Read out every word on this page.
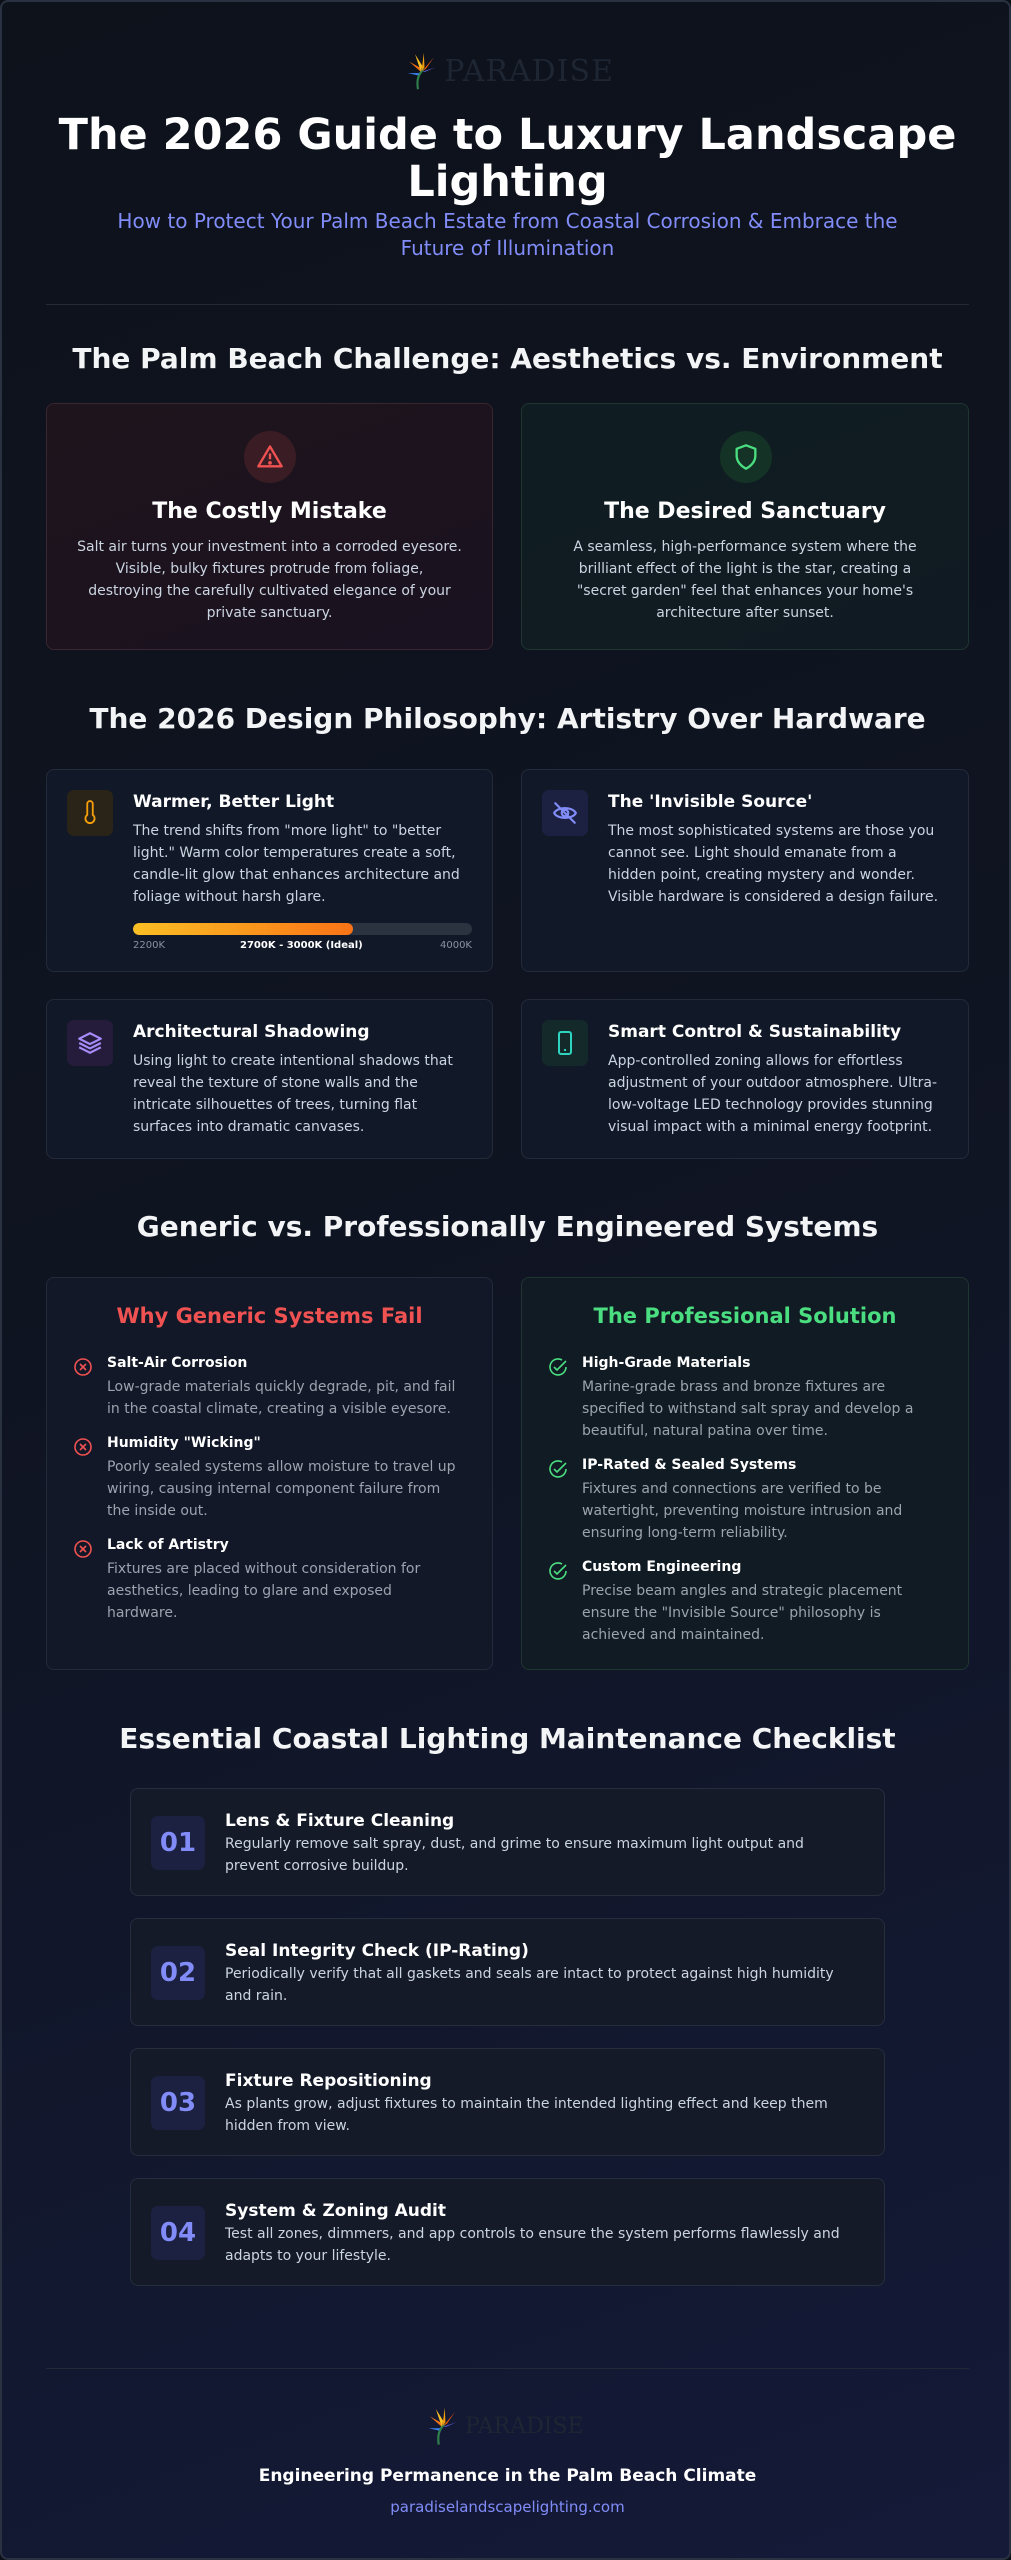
PARADISE
The 2026 Guide to Luxury Landscape Lighting

How to Protect Your Palm Beach Estate from Coastal Corrosion & Embrace the Future of Illumination

The Palm Beach Challenge: Aesthetics vs. Environment
The Costly Mistake
Salt air turns your investment into a corroded eyesore. Visible, bulky fixtures protrude from foliage, destroying the carefully cultivated elegance of your private sanctuary.
The Desired Sanctuary
A seamless, high-performance system where the brilliant effect of the light is the star, creating a "secret garden" feel that enhances your home's architecture after sunset.
The 2026 Design Philosophy: Artistry Over Hardware
Warmer, Better Light
The trend shifts from "more light" to "better light." Warm color temperatures create a soft, candle-lit glow that enhances architecture and foliage without harsh glare.
2200K	2700K - 3000K (Ideal)	4000K
The 'Invisible Source'
The most sophisticated systems are those you cannot see. Light should emanate from a hidden point, creating mystery and wonder. Visible hardware is considered a design failure.
Architectural Shadowing
Using light to create intentional shadows that reveal the texture of stone walls and the intricate silhouettes of trees, turning flat surfaces into dramatic canvases.
Smart Control & Sustainability
App-controlled zoning allows for effortless adjustment of your outdoor atmosphere. Ultra-low-voltage LED technology provides stunning visual impact with a minimal energy footprint.
Generic vs. Professionally Engineered Systems
Why Generic Systems Fail
Salt-Air Corrosion
Low-grade materials quickly degrade, pit, and fail in the coastal climate, creating a visible eyesore.
Humidity "Wicking"
Poorly sealed systems allow moisture to travel up wiring, causing internal component failure from the inside out.
Lack of Artistry
Fixtures are placed without consideration for aesthetics, leading to glare and exposed hardware.
The Professional Solution
High-Grade Materials
Marine-grade brass and bronze fixtures are specified to withstand salt spray and develop a beautiful, natural patina over time.
IP-Rated & Sealed Systems
Fixtures and connections are verified to be watertight, preventing moisture intrusion and ensuring long-term reliability.
Custom Engineering
Precise beam angles and strategic placement ensure the "Invisible Source" philosophy is achieved and maintained.
Essential Coastal Lighting Maintenance Checklist
01
Lens & Fixture Cleaning
Regularly remove salt spray, dust, and grime to ensure maximum light output and prevent corrosive buildup.
02
Seal Integrity Check (IP-Rating)
Periodically verify that all gaskets and seals are intact to protect against high humidity and rain.
03
Fixture Repositioning
As plants grow, adjust fixtures to maintain the intended lighting effect and keep them hidden from view.
04
System & Zoning Audit
Test all zones, dimmers, and app controls to ensure the system performs flawlessly and adapts to your lifestyle.
PARADISE
Engineering Permanence in the Palm Beach Climate
paradiselandscapelighting.com
